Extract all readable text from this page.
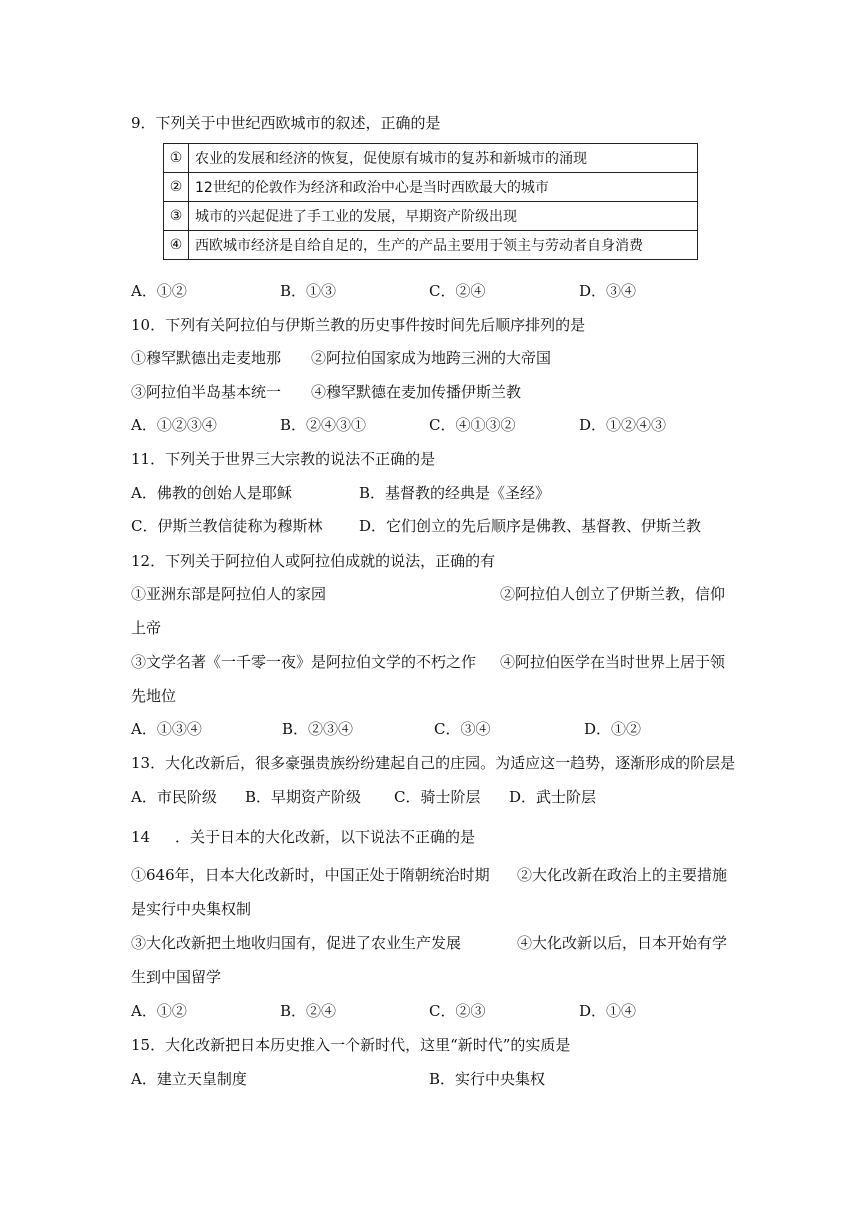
9．下列关于中世纪西欧城市的叙述，正确的是
①	农业的发展和经济的恢复，促使原有城市的复苏和新城市的涌现
②	12世纪的伦敦作为经济和政治中心是当时西欧最大的城市
③	城市的兴起促进了手工业的发展，早期资产阶级出现
④	西欧城市经济是自给自足的，生产的产品主要用于领主与劳动者自身消费
A．①②	B．①③	C．②④	D．③④
10．下列有关阿拉伯与伊斯兰教的历史事件按时间先后顺序排列的是
①穆罕默德出走麦地那　　②阿拉伯国家成为地跨三洲的大帝国
③阿拉伯半岛基本统一　　④穆罕默德在麦加传播伊斯兰教
A．①②③④	B．②④③①	C．④①③②	D．①②④③
11．下列关于世界三大宗教的说法不正确的是
A．佛教的创始人是耶稣	B．基督教的经典是《圣经》
C．伊斯兰教信徒称为穆斯林 D．它们创立的先后顺序是佛教、基督教、伊斯兰教
12．下列关于阿拉伯人或阿拉伯成就的说法，正确的有
①亚洲东部是阿拉伯人的家园	②阿拉伯人创立了伊斯兰教，信仰
上帝
③文学名著《一千零一夜》是阿拉伯文学的不朽之作 ④阿拉伯医学在当时世界上居于领
先地位
A．①③④	B．②③④	C．③④	D．①②
13．大化改新后，很多豪强贵族纷纷建起自己的庄园。为适应这一趋势，逐渐形成的阶层是
A．市民阶级 B．早期资产阶级 C．骑士阶层 D．武士阶层
14 ．关于日本的大化改新，以下说法不正确的是
①646年，日本大化改新时，中国正处于隋朝统治时期 ②大化改新在政治上的主要措施
是实行中央集权制
③大化改新把土地收归国有，促进了农业生产发展	④大化改新以后，日本开始有学
生到中国留学
A．①②	B．②④	C．②③	D．①④
15．大化改新把日本历史推入一个新时代，这里“新时代”的实质是
A．建立天皇制度	B．实行中央集权
